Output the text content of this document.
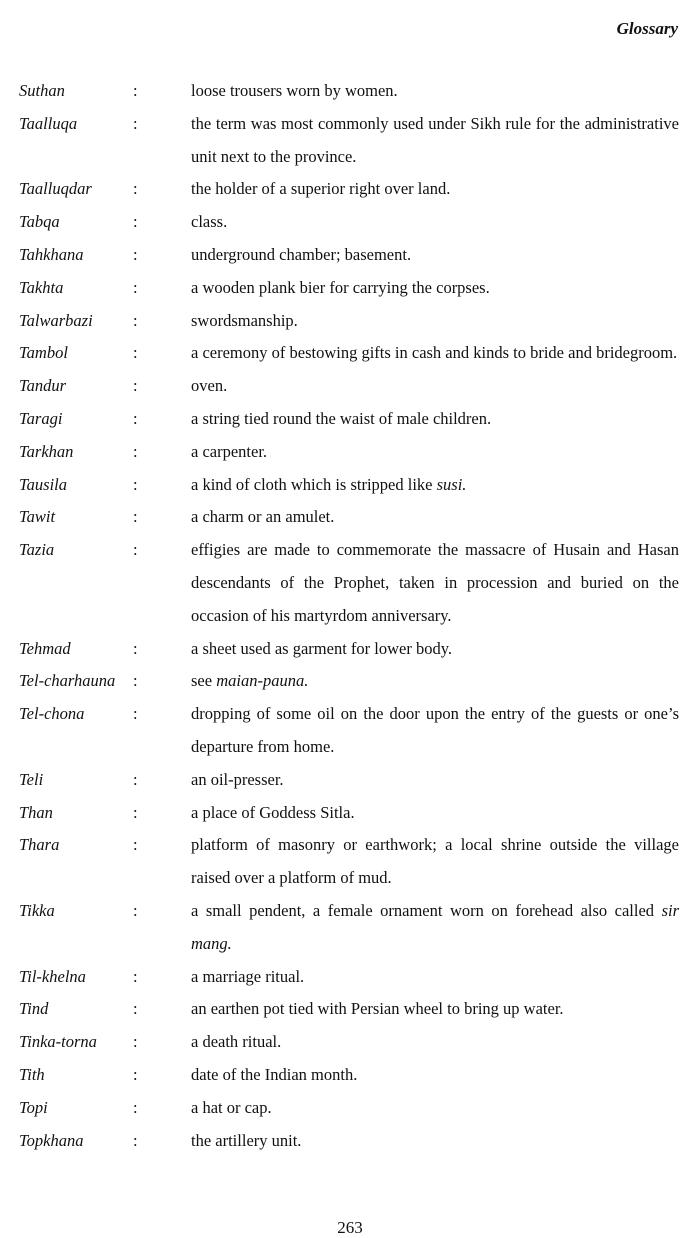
Glossary
Suthan	:	loose trousers worn by women.
Taalluqa	:	the term was most commonly used under Sikh rule for the administrative unit next to the province.
Taalluqdar :	the holder of a superior right over land.
Tabqa	:	class.
Tahkhana	:	underground chamber; basement.
Takhta	:	a wooden plank bier for carrying the corpses.
Talwarbazi :	swordsmanship.
Tambol	:	a ceremony of bestowing gifts in cash and kinds to bride and bridegroom.
Tandur	:	oven.
Taragi	:	a string tied round the waist of male children.
Tarkhan	:	a carpenter.
Tausila	:	a kind of cloth which is stripped like susi.
Tawit	:	a charm or an amulet.
Tazia	:	effigies are made to commemorate the massacre of Husain and Hasan descendants of the Prophet, taken in procession and buried on the occasion of his martyrdom anniversary.
Tehmad	:	a sheet used as garment for lower body.
Tel-charhauna :	see maian-pauna.
Tel-chona	:	dropping of some oil on the door upon the entry of the guests or one’s departure from home.
Teli	:	an oil-presser.
Than	:	a place of Goddess Sitla.
Thara	:	platform of masonry or earthwork; a local shrine outside the village raised over a platform of mud.
Tikka	:	a small pendent, a female ornament worn on forehead also called sir mang.
Til-khelna	:	a marriage ritual.
Tind	:	an earthen pot tied with Persian wheel to bring up water.
Tinka-torna :	a death ritual.
Tith	:	date of the Indian month.
Topi	:	a hat or cap.
Topkhana	:	the artillery unit.
263
